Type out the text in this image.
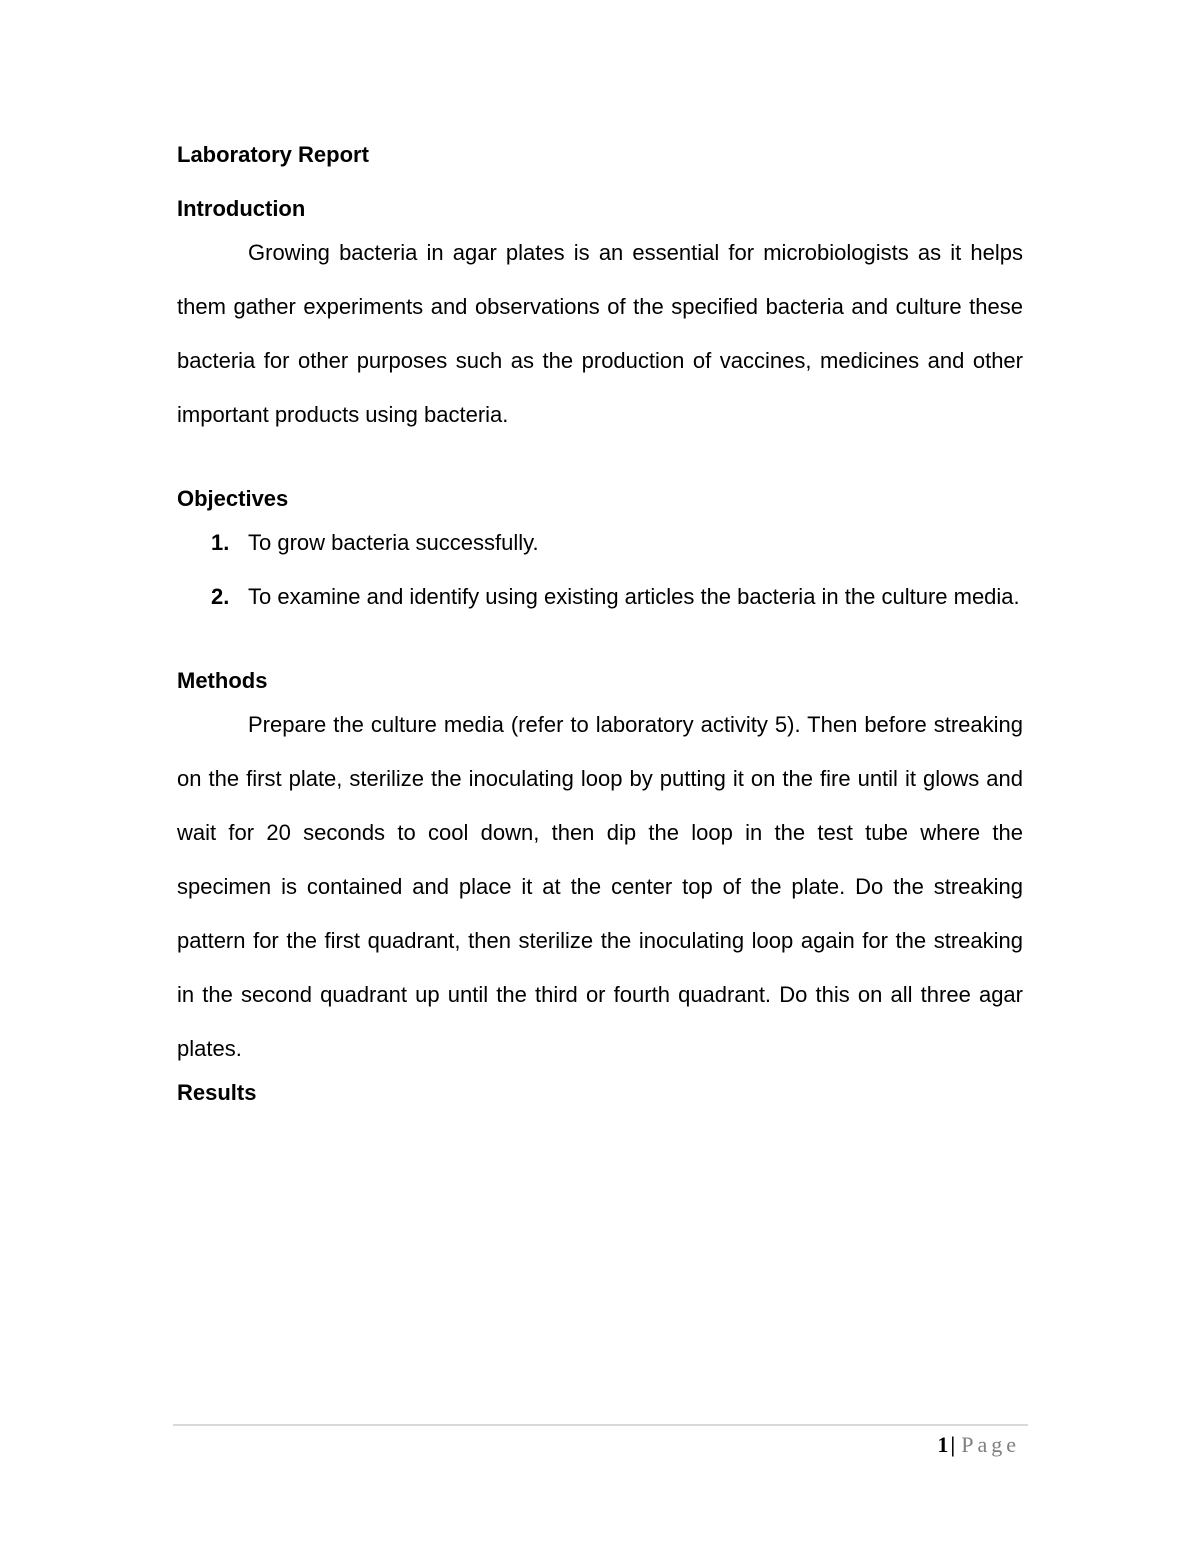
Laboratory Report

Introduction

Growing bacteria in agar plates is an essential for microbiologists as it helps them gather experiments and observations of the specified bacteria and culture these bacteria for other purposes such as the production of vaccines, medicines and other important products using bacteria.

Objectives

1. To grow bacteria successfully.
2. To examine and identify using existing articles the bacteria in the culture media.

Methods

Prepare the culture media (refer to laboratory activity 5). Then before streaking on the first plate, sterilize the inoculating loop by putting it on the fire until it glows and wait for 20 seconds to cool down, then dip the loop in the test tube where the specimen is contained and place it at the center top of the plate. Do the streaking pattern for the first quadrant, then sterilize the inoculating loop again for the streaking in the second quadrant up until the third or fourth quadrant. Do this on all three agar plates.

Results

1| Page
